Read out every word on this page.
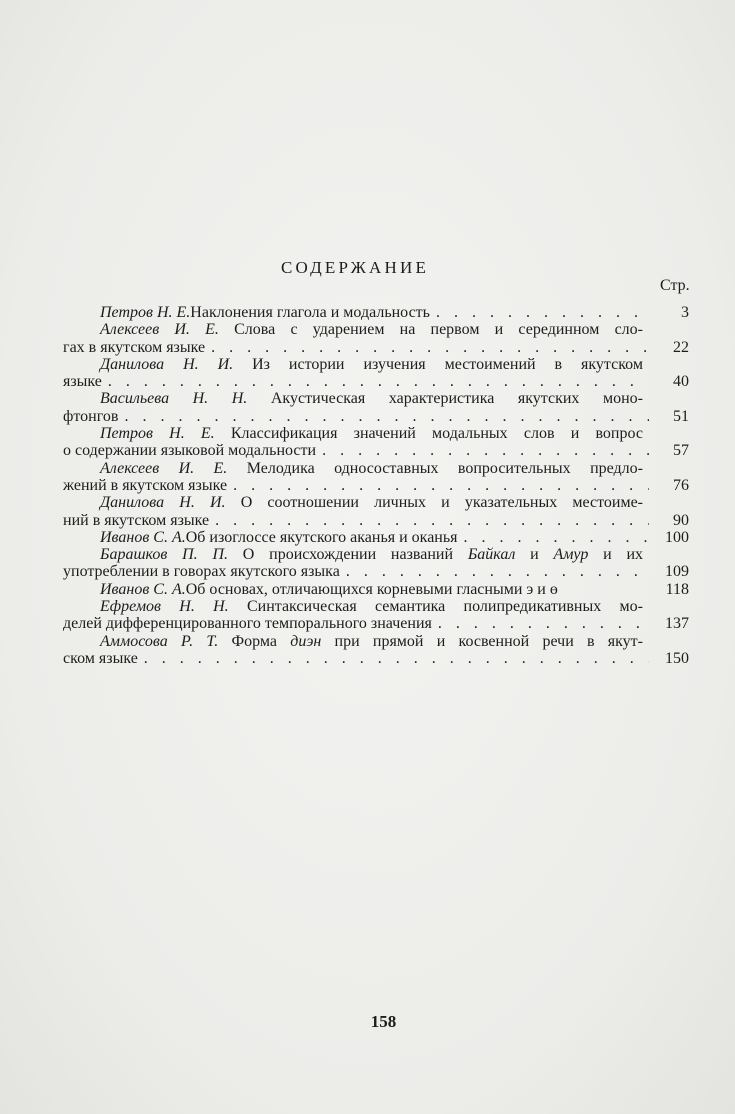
СОДЕРЖАНИЕ
Стр.
Петров Н. Е. Наклонения глагола и модальность . . .	3
Алексеев И. Е. Слова с ударением на первом и серединном сло-
гах в якутском языке . . .	22
Данилова Н. И. Из истории изучения местоимений в якутском
языке . . .	40
Васильева Н. Н. Акустическая характеристика якутских моно-
фтонгов . . .	51
Петров Н. Е. Классификация значений модальных слов и вопрос
о содержании языковой модальности . . .	57
Алексеев И. Е. Мелодика односоставных вопросительных предло-
жений в якутском языке . . .	76
Данилова Н. И. О соотношении личных и указательных местоиме-
ний в якутском языке . . .	90
Иванов С. А. Об изоглоссе якутского аканья и оканья . . .	100
Барашков П. П. О происхождении названий Байкал и Амур и их
употреблении в говорах якутского языка . . .	109
Иванов С. А. Об основах, отличающихся корневыми гласными э и ө	118
Ефремов Н. Н. Синтаксическая семантика полипредикативных мо-
делей дифференцированного темпорального значения . . .	137
Аммосова Р. Т. Форма диэн при прямой и косвенной речи в якут-
ском языке . . .	150
158
